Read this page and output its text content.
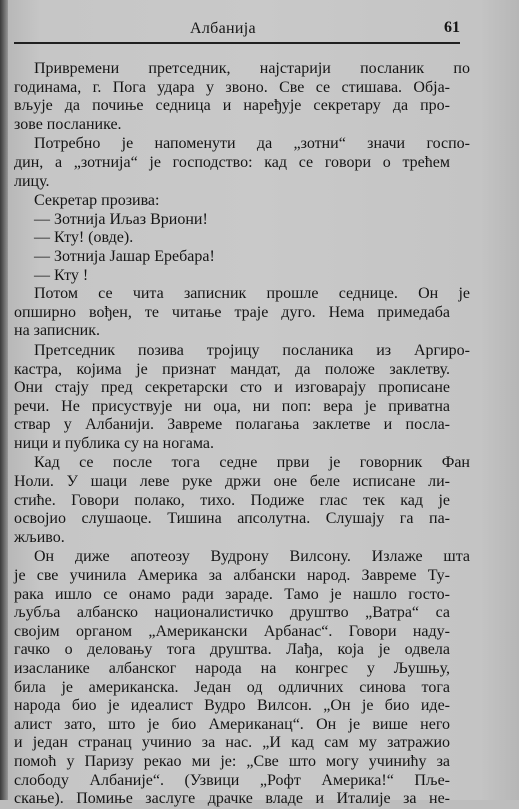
Албанија	61
Привремени претседник, најстарији посланик по
годинама, г. Пога удара у звоно. Све се стишава. Обја-
вљује да почиње седница и наређује секретару да про-
зове посланике.
Потребно је напоменути да „зотни“ значи госпо-
дин, а „зотнија“ је господство: кад се говори о трећем
лицу.
Секретар прозива:
— Зотнија Иљаз Вриони!
— Кту! (овде).
— Зотнија Јашар Еребара!
— Кту !
Потом се чита записник прошле седнице. Он је
опширно вођен, те читање траје дуго. Нема примедаба
на записник.
Претседник позива тројицу посланика из Аргиро-
кастра, којима је признат мандат, да положе заклетву.
Они стају пред секретарски сто и изговарају прописане
речи. Не присуствује ни оџа, ни поп: вера је приватна
ствар у Албанији. Завреме полагања заклетве и посла-
ници и публика су на ногама.
Кад се после тога седне први је говорник Фан
Ноли. У шаци леве руке држи оне беле исписане ли-
стиће. Говори полако, тихо. Подиже глас тек кад је
освојио слушаоце. Тишина апсолутна. Слушају га па-
жљиво.
Он диже апотеозу Вудрону Вилсону. Излаже шта
је све учинила Америка за албански народ. Завреме Ту-
рака ишло се онамо ради зараде. Тамо је нашло госто-
љубља албанско националистичко друштво „Ватра“ са
својим органом „Американски Арбанас“. Говори наду-
гачко о деловању тога друштва. Лађа, која је одвела
изасланике албанског народа на конгрес у Љушњу,
била је американска. Један од одличних синова тога
народа био је идеалист Вудро Вилсон. „Он је био иде-
алист зато, што је био Американац“. Он је више него
и један странац учинио за нас. „И кад сам му затражио
помоћ у Паризу рекао ми је: „Све што могу учинићу за
слободу Албаније“. (Узвици „Рофт Америка!“ Пље-
скање). Помиње заслуге драчке владе и Италије за не-
